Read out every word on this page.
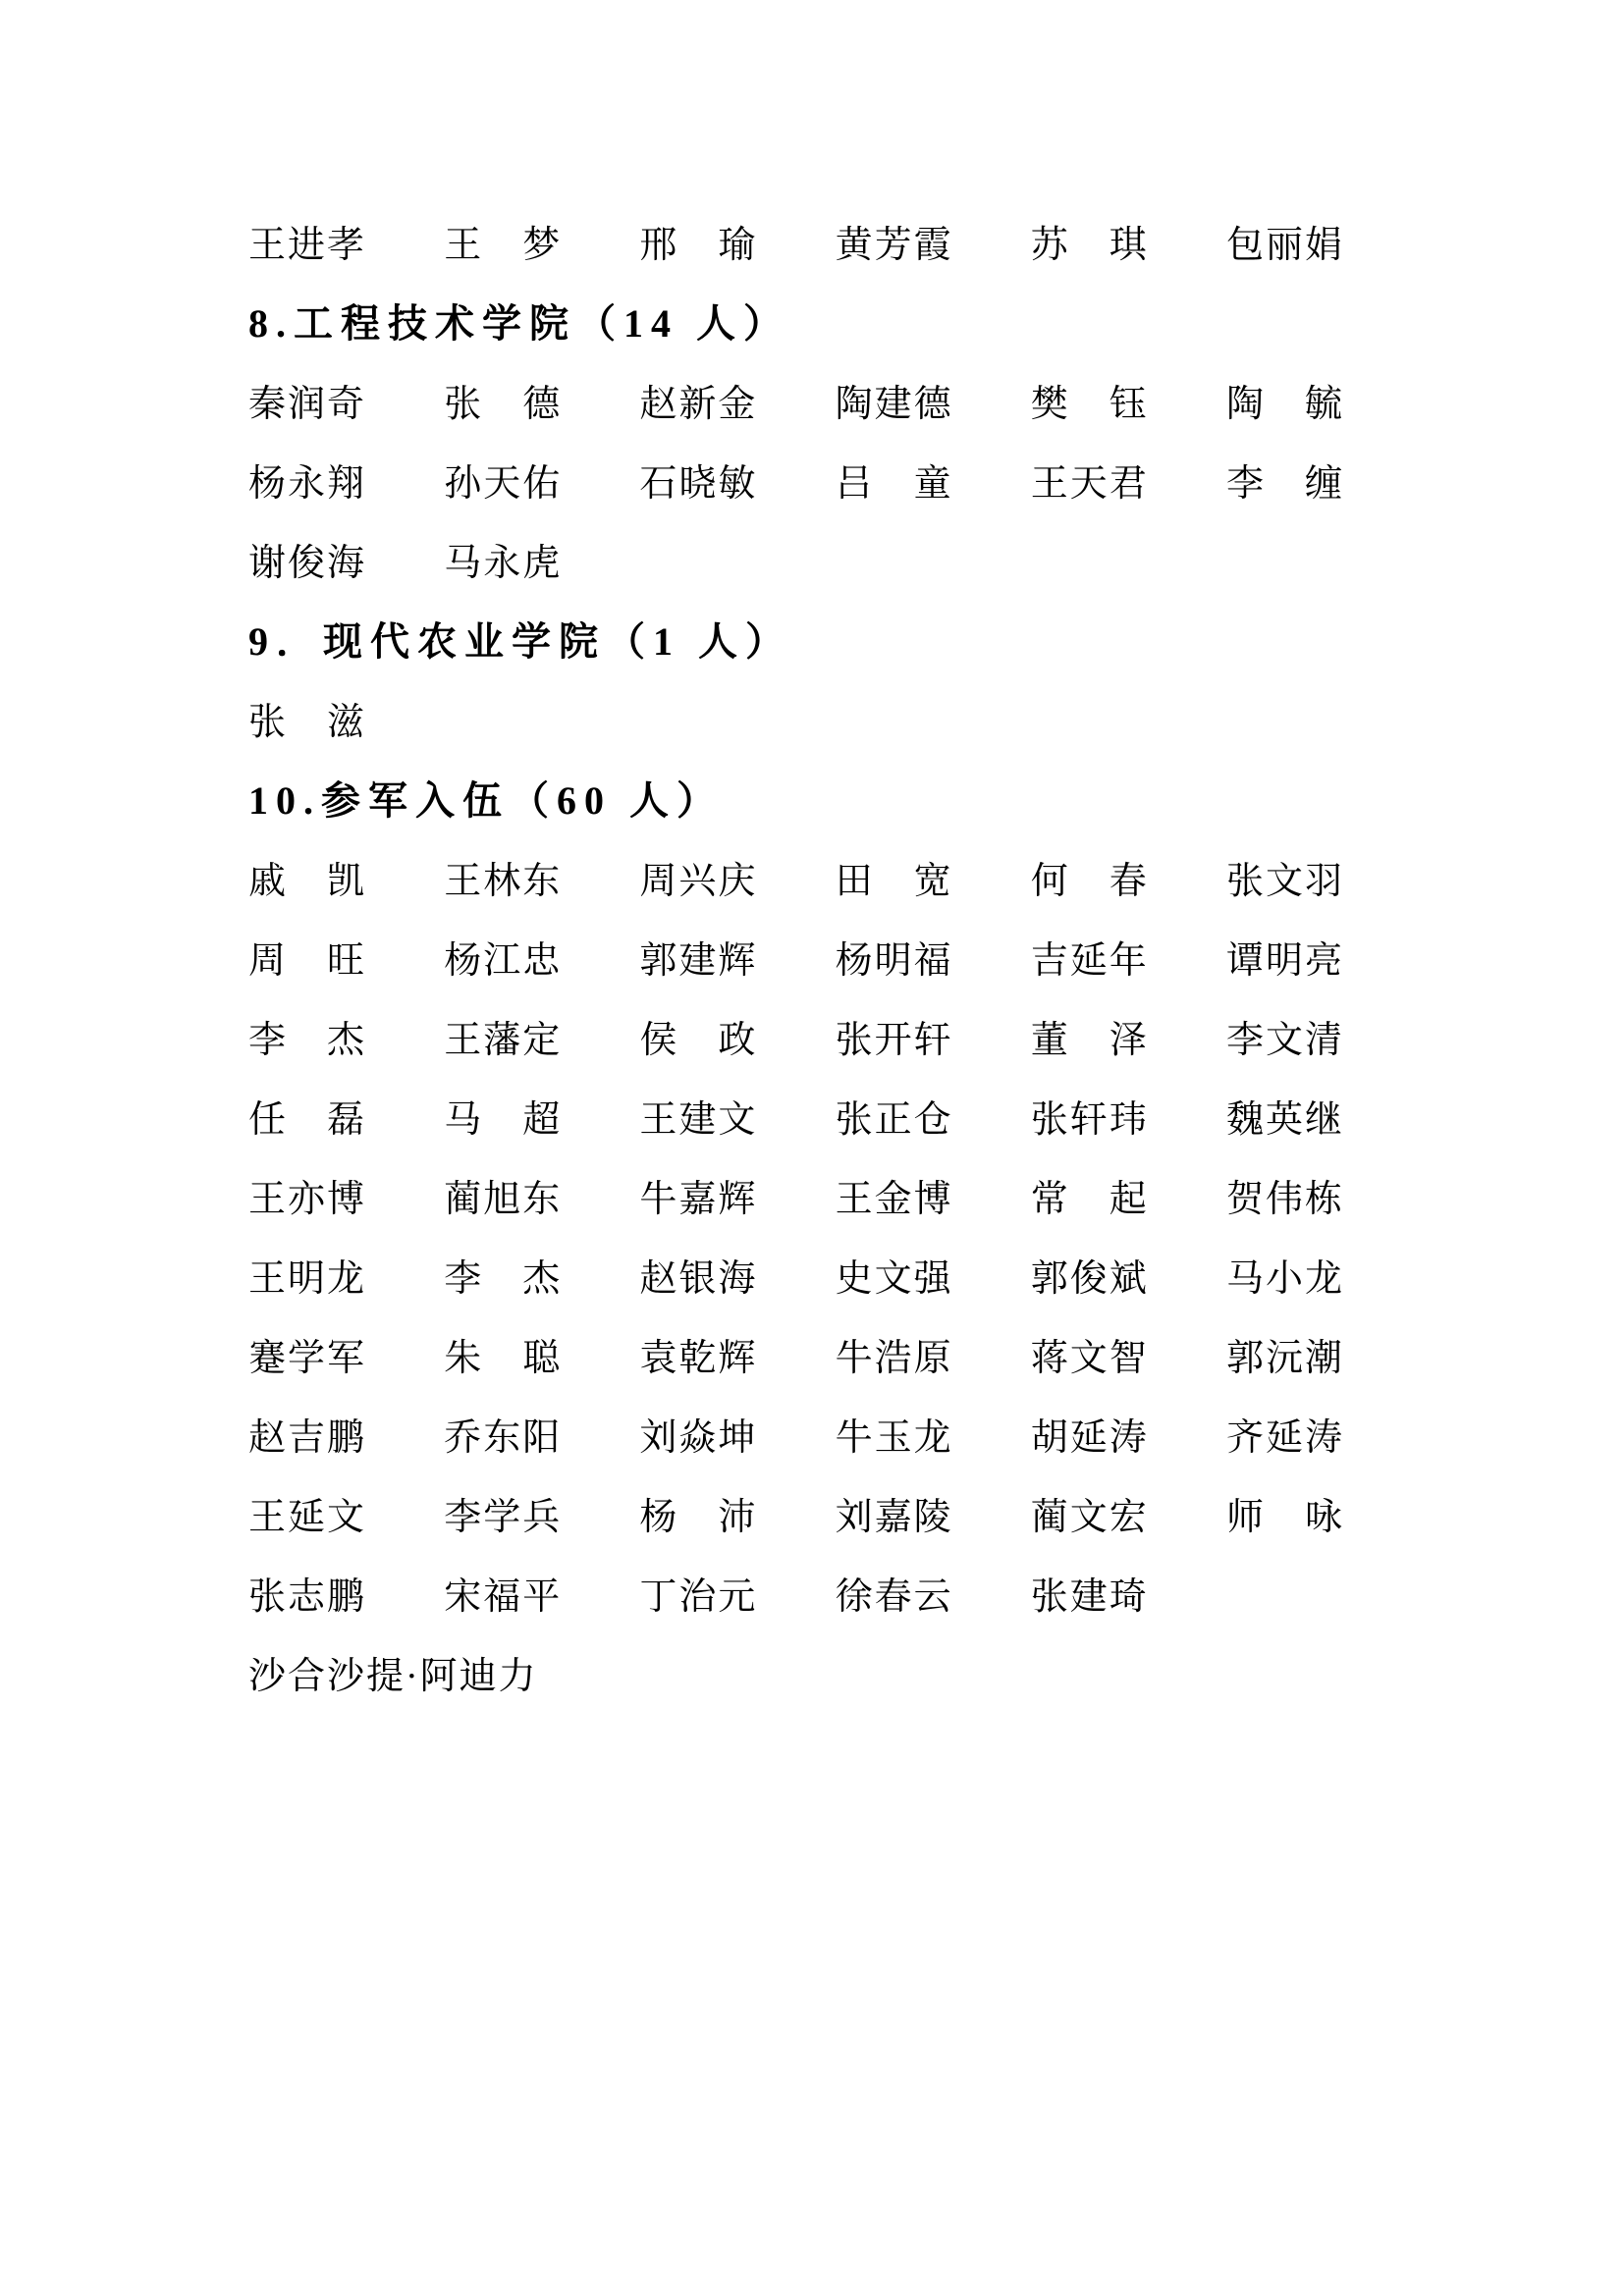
王进孝	王　梦	邢　瑜	黄芳霞	苏　琪	包丽娟
8.工程技术学院（14 人）
秦润奇	张　德	赵新金	陶建德	樊　钰	陶　毓
杨永翔	孙天佑	石晓敏	吕　童	王天君	李　缠
谢俊海	马永虎
9．现代农业学院（1 人）
张　滋
10.参军入伍（60 人）
戚　凯	王林东	周兴庆	田　宽	何　春	张文羽
周　旺	杨江忠	郭建辉	杨明福	吉延年	谭明亮
李　杰	王藩定	侯　政	张开轩	董　泽	李文清
任　磊	马　超	王建文	张正仓	张轩玮	魏英继
王亦博	蔺旭东	牛嘉辉	王金博	常　起	贺伟栋
王明龙	李　杰	赵银海	史文强	郭俊斌	马小龙
蹇学军	朱　聪	袁乾辉	牛浩原	蒋文智	郭沅潮
赵吉鹏	乔东阳	刘焱坤	牛玉龙	胡延涛	齐延涛
王延文	李学兵	杨　沛	刘嘉陵	蔺文宏	师　咏
张志鹏	宋福平	丁治元	徐春云	张建琦
沙合沙提·阿迪力
